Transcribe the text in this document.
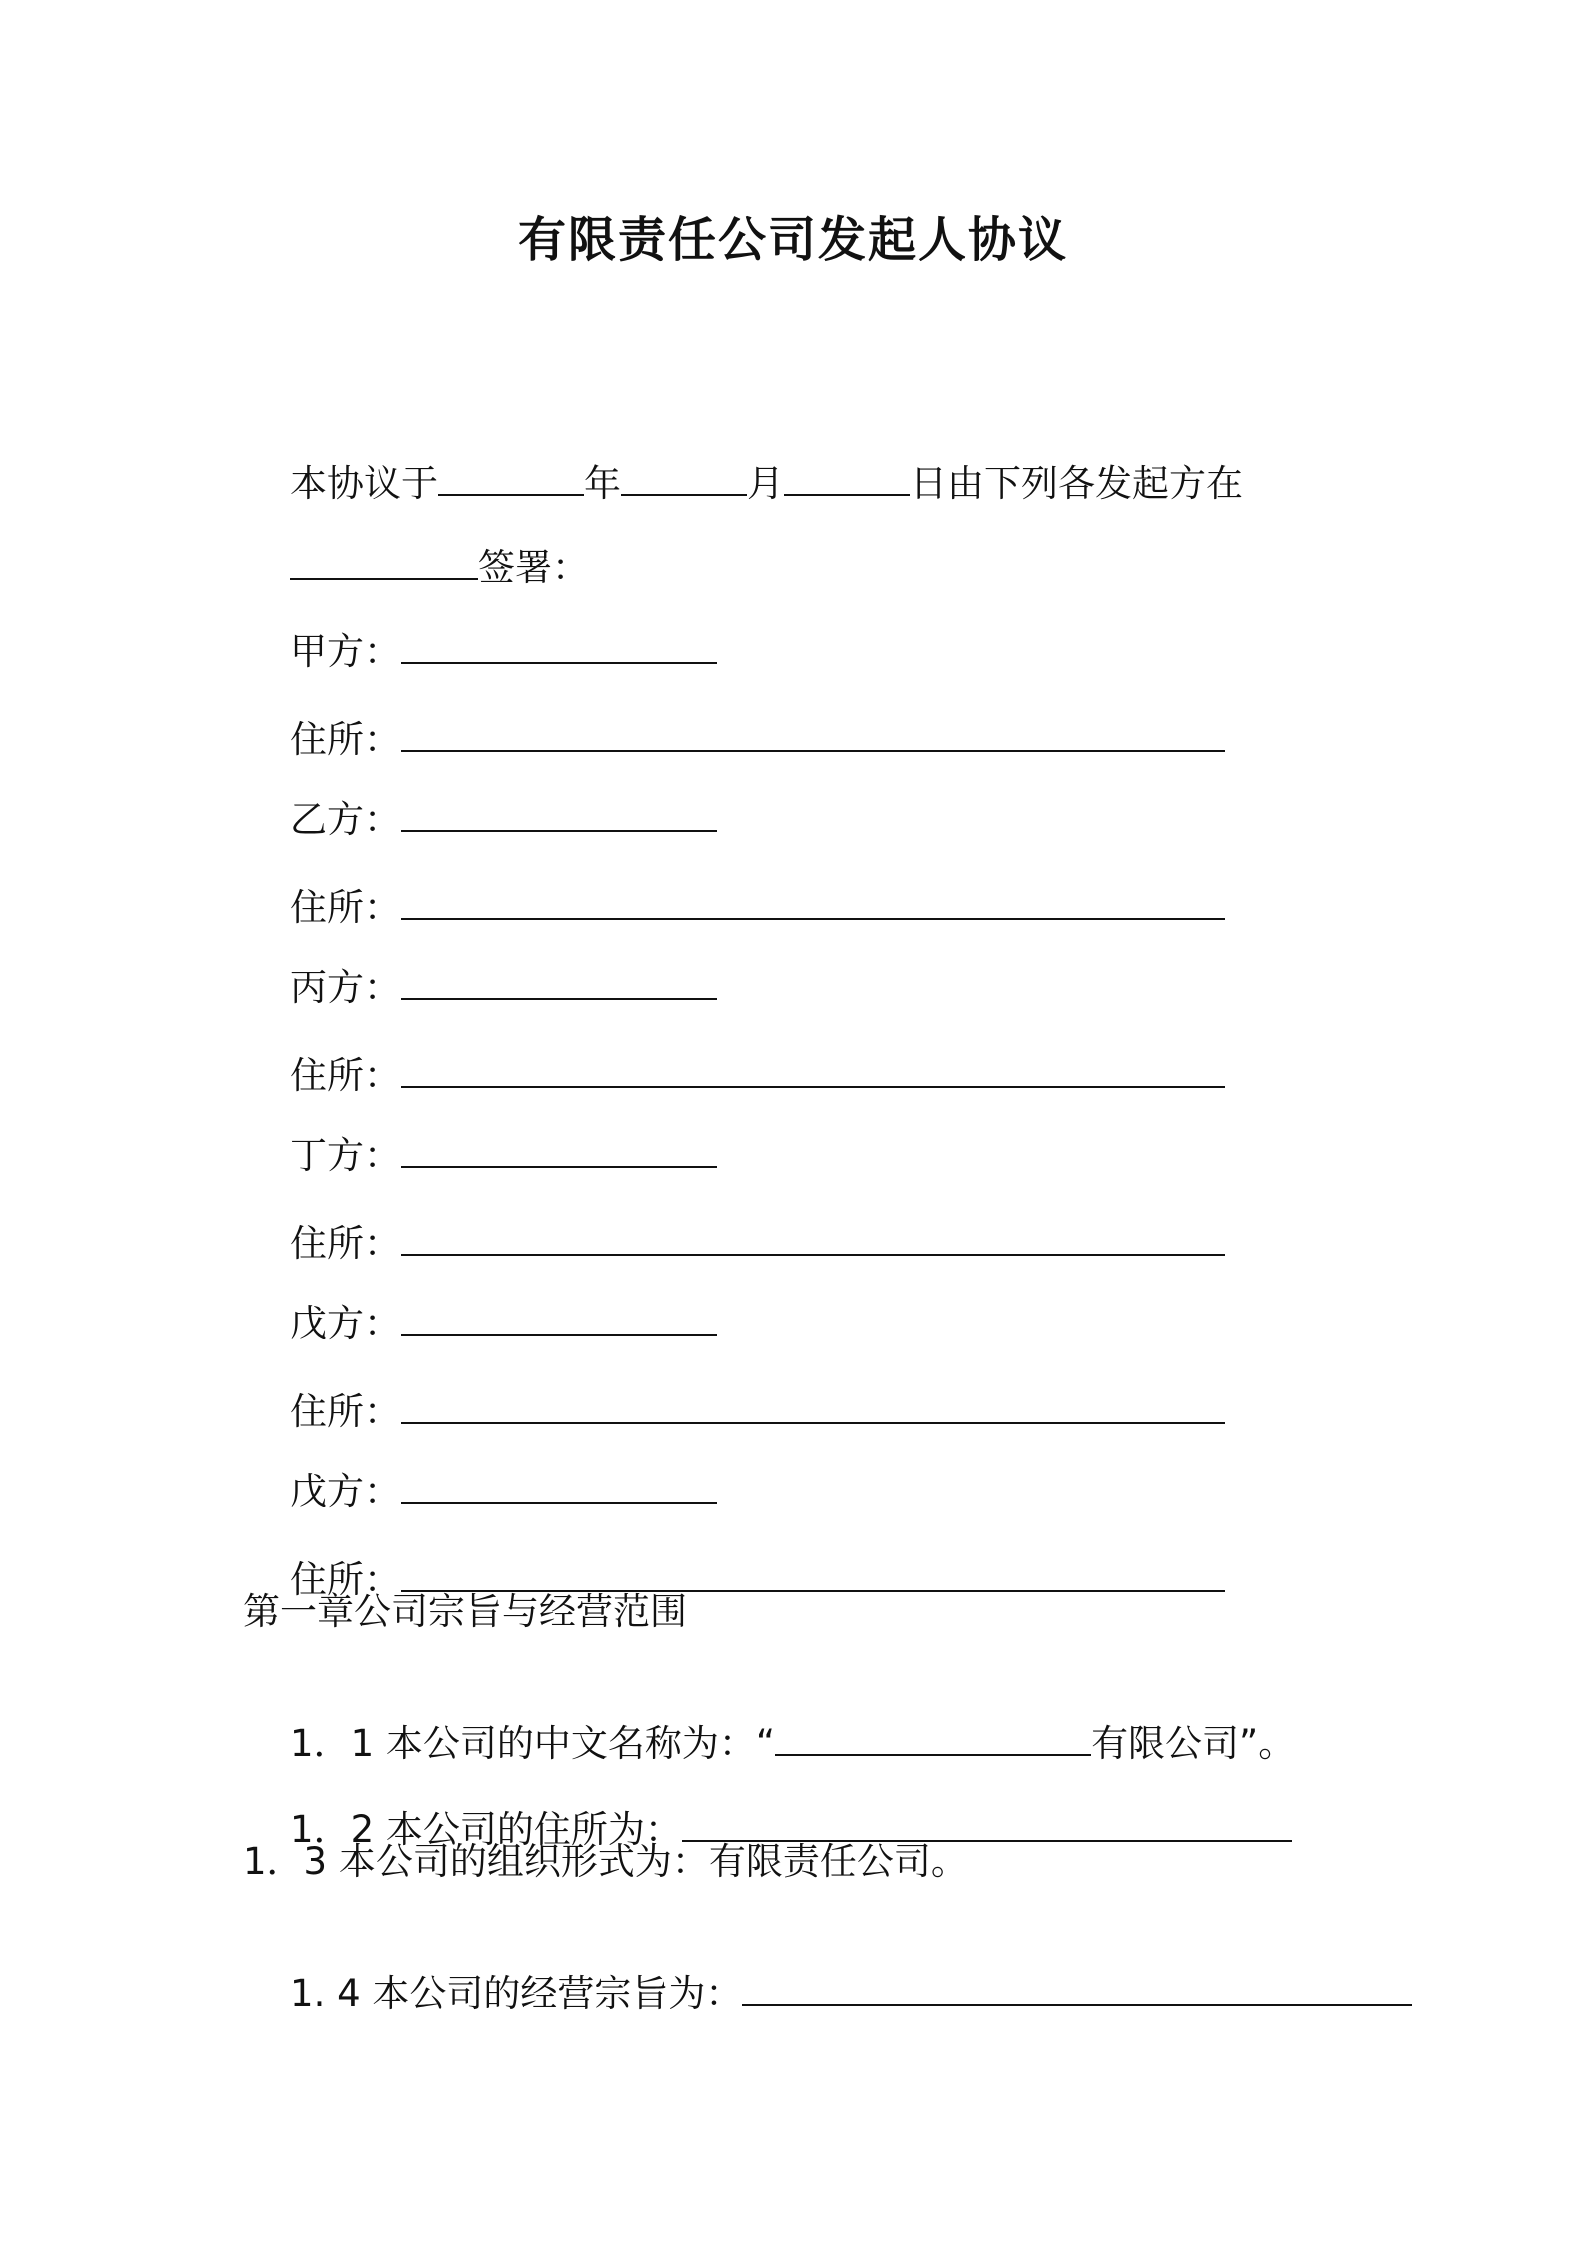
有限责任公司发起人协议

本协议于	年	月	日由下列各发起方在

签署：

甲方：

住所：

乙方：

住所：

丙方：

住所：

丁方：

住所：

戊方：

住所：

戊方：

住所：

第一章公司宗旨与经营范围

1．1 本公司的中文名称为：“	有限公司”。

1．2 本公司的住所为：

1．3 本公司的组织形式为：有限责任公司。

1. 4 本公司的经营宗旨为：
